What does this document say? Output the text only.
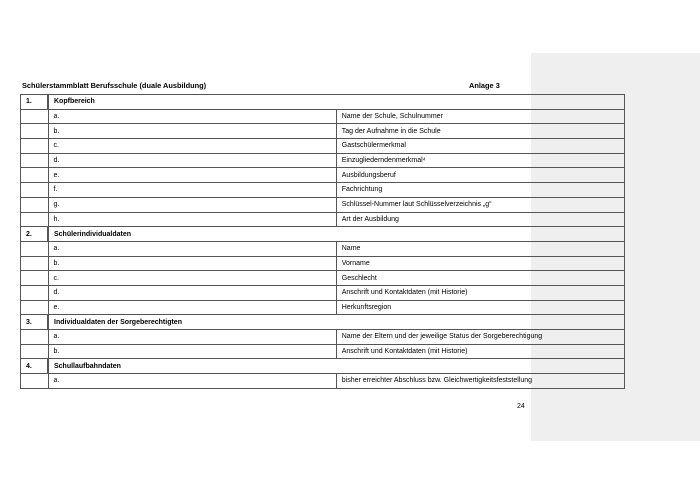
Schülerstammblatt Berufsschule (duale Ausbildung)	Anlage 3
1.	Kopfbereich	
	a.	Name der Schule, Schulnummer
	b.	Tag der Aufnahme in die Schule
	c.	Gastschülermerkmal
	d.	Einzugliederndenmerkmal⁴
	e.	Ausbildungsberuf
	f.	Fachrichtung
	g.	Schlüssel-Nummer laut Schlüsselverzeichnis „g“
	h.	Art der Ausbildung
2.	Schülerindividualdaten	
	a.	Name
	b.	Vorname
	c.	Geschlecht
	d.	Anschrift und Kontaktdaten (mit Historie)
	e.	Herkunftsregion
3.	Individualdaten der Sorgeberechtigten	
	a.	Name der Eltern und der jeweilige Status der Sorgeberechtigung
	b.	Anschrift und Kontaktdaten (mit Historie)
4.	Schullaufbahndaten	
	a.	bisher erreichter Abschluss bzw. Gleichwertigkeitsfeststellung
24
